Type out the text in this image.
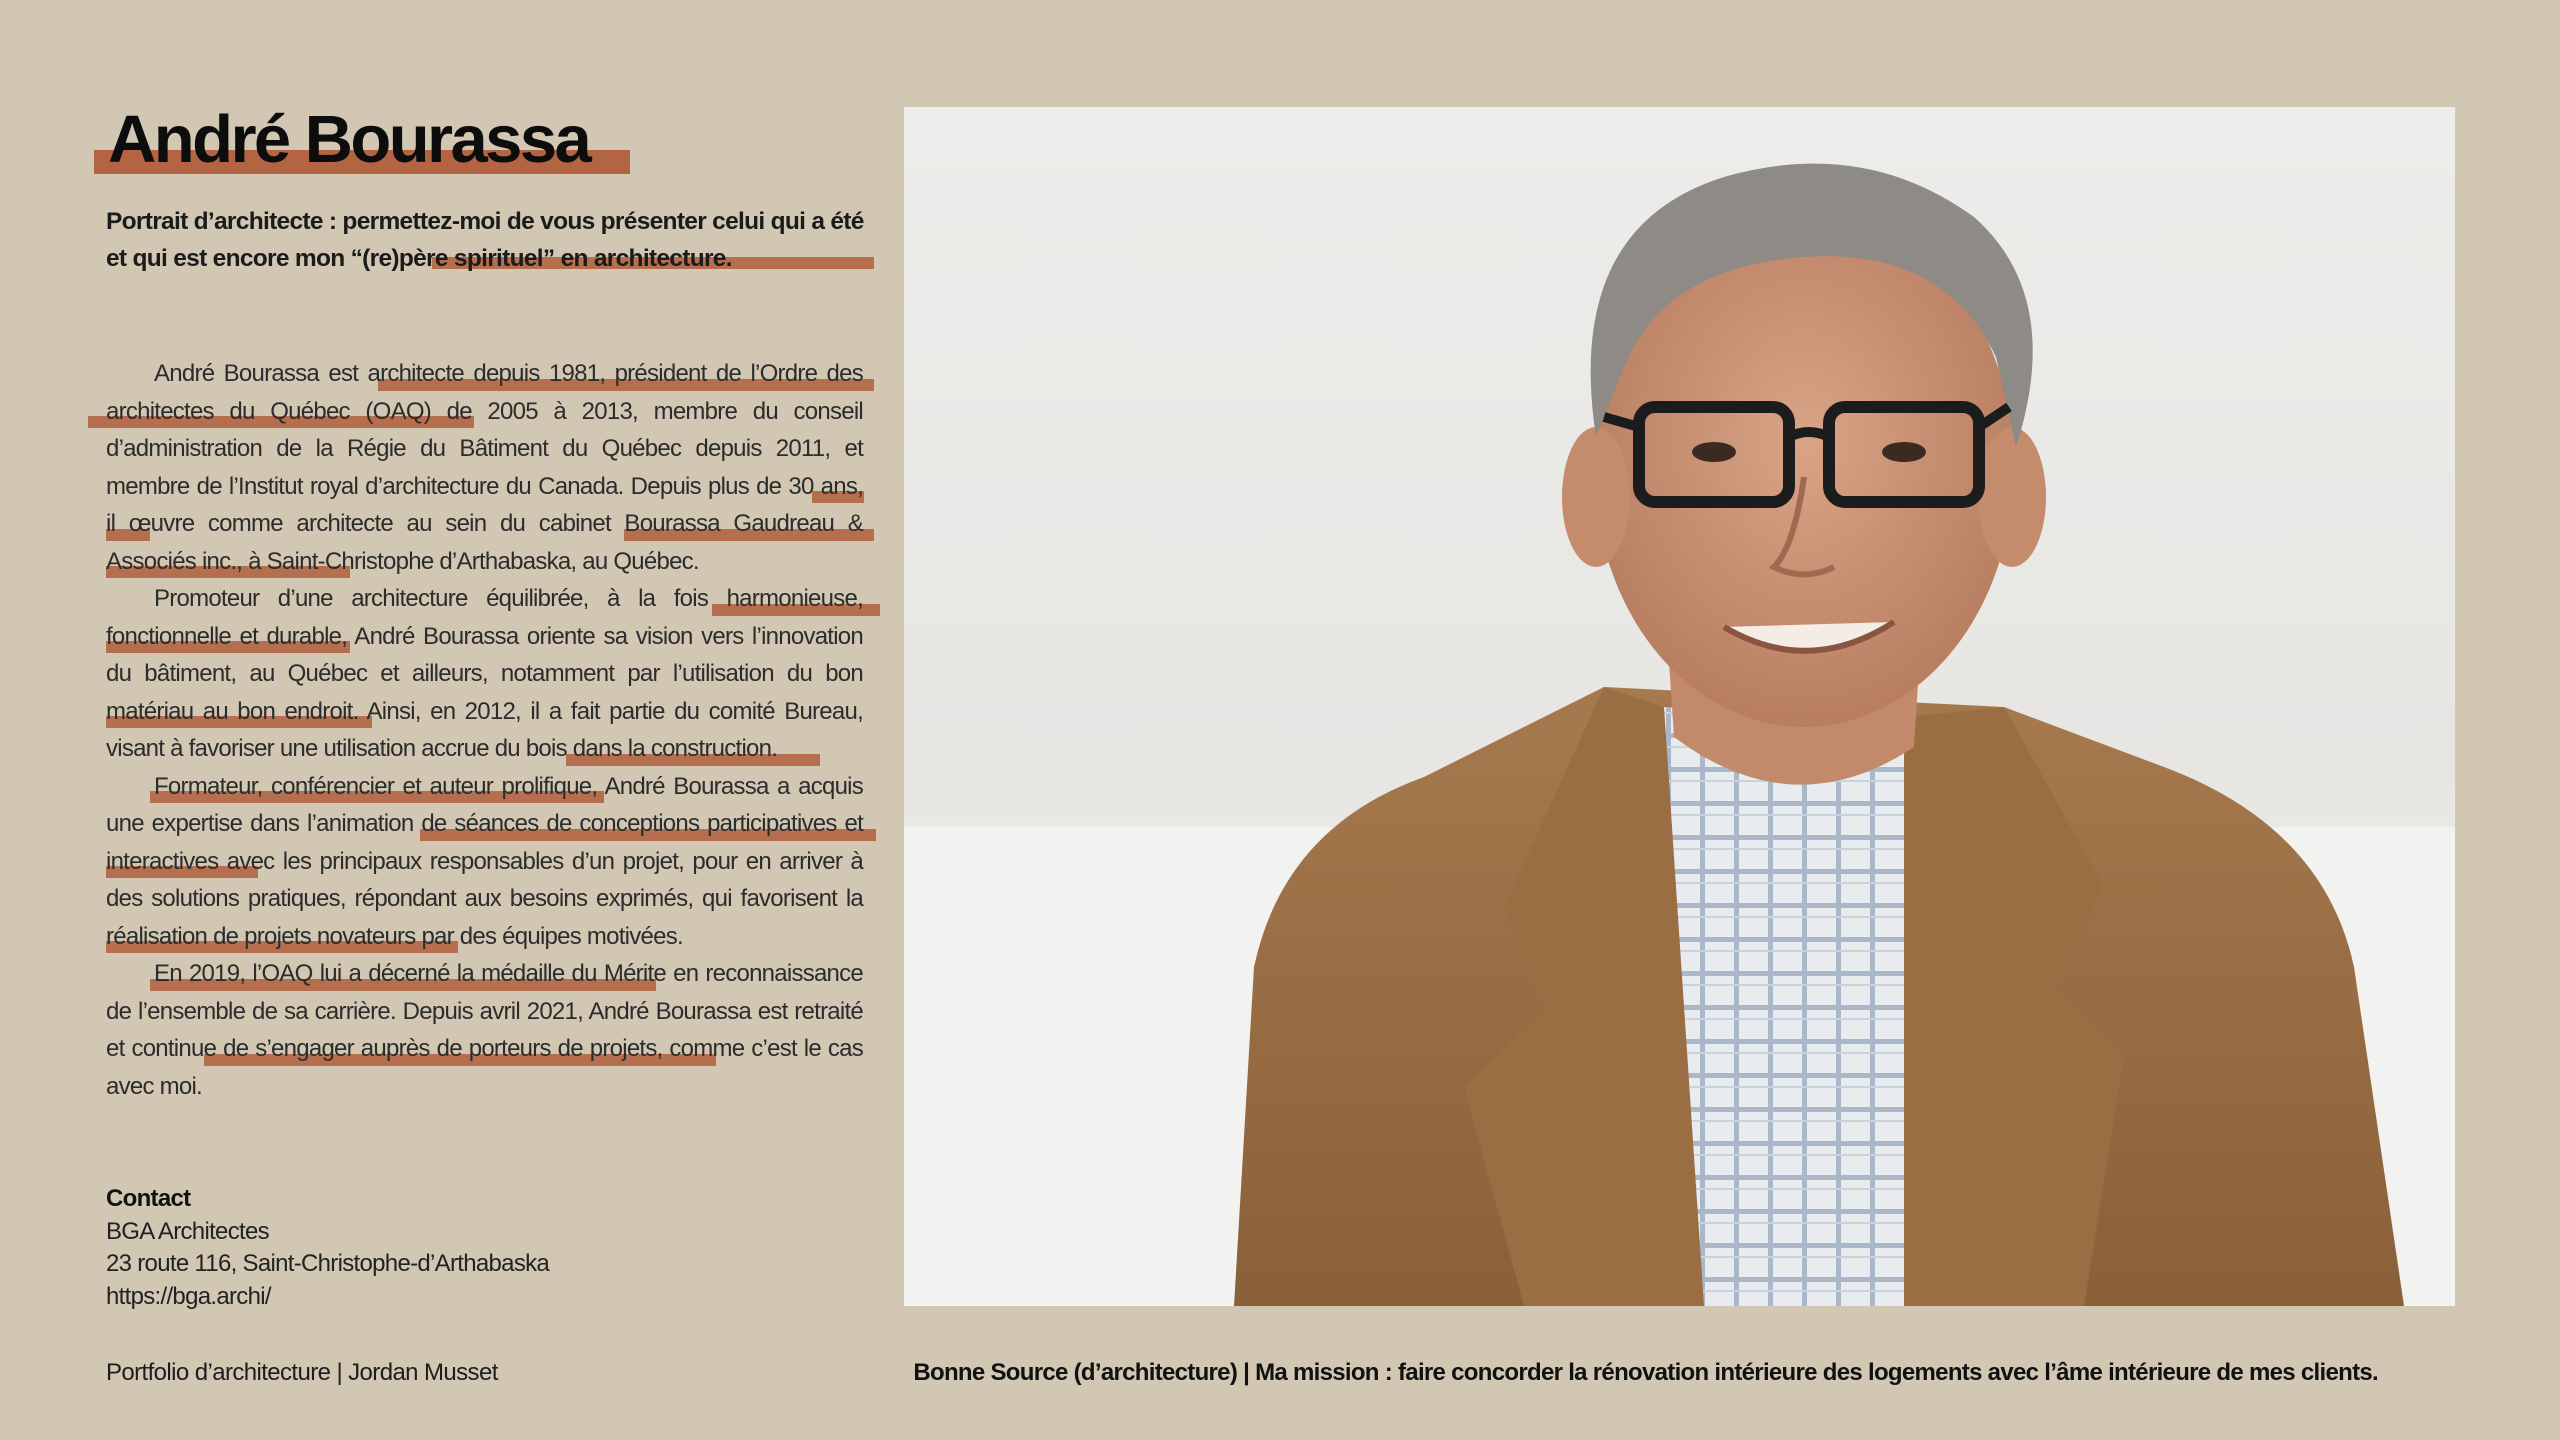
André Bourassa

Portrait d’architecte : permettez-moi de vous présenter celui qui a été et qui est encore mon “(re)père spirituel” en architecture.

André Bourassa est architecte depuis 1981, président de l’Ordre des architectes du Québec (OAQ) de 2005 à 2013, membre du conseil d’administration de la Régie du Bâtiment du Québec depuis 2011, et membre de l’Institut royal d’architecture du Canada. Depuis plus de 30 ans, il œuvre comme architecte au sein du cabinet Bourassa Gaudreau & Associés inc., à Saint-Christophe d’Arthabaska, au Québec.

Promoteur d’une architecture équilibrée, à la fois harmonieuse, fonctionnelle et durable, André Bourassa oriente sa vision vers l’innovation du bâtiment, au Québec et ailleurs, notamment par l’utilisation du bon matériau au bon endroit. Ainsi, en 2012, il a fait partie du comité Bureau, visant à favoriser une utilisation accrue du bois dans la construction.

Formateur, conférencier et auteur prolifique, André Bourassa a acquis une expertise dans l’animation de séances de conceptions participatives et interactives avec les principaux responsables d’un projet, pour en arriver à des solutions pratiques, répondant aux besoins exprimés, qui favorisent la réalisation de projets novateurs par des équipes motivées.

En 2019, l’OAQ lui a décerné la médaille du Mérite en reconnaissance de l’ensemble de sa carrière. Depuis avril 2021, André Bourassa est retraité et continue de s’engager auprès de porteurs de projets, comme c’est le cas avec moi.

Contact
BGA Architectes
23 route 116, Saint-Christophe-d’Arthabaska
https://bga.archi/
Portfolio d’architecture | Jordan Musset	Bonne Source (d’architecture) | Ma mission : faire concorder la rénovation intérieure des logements avec l’âme intérieure de mes clients.
